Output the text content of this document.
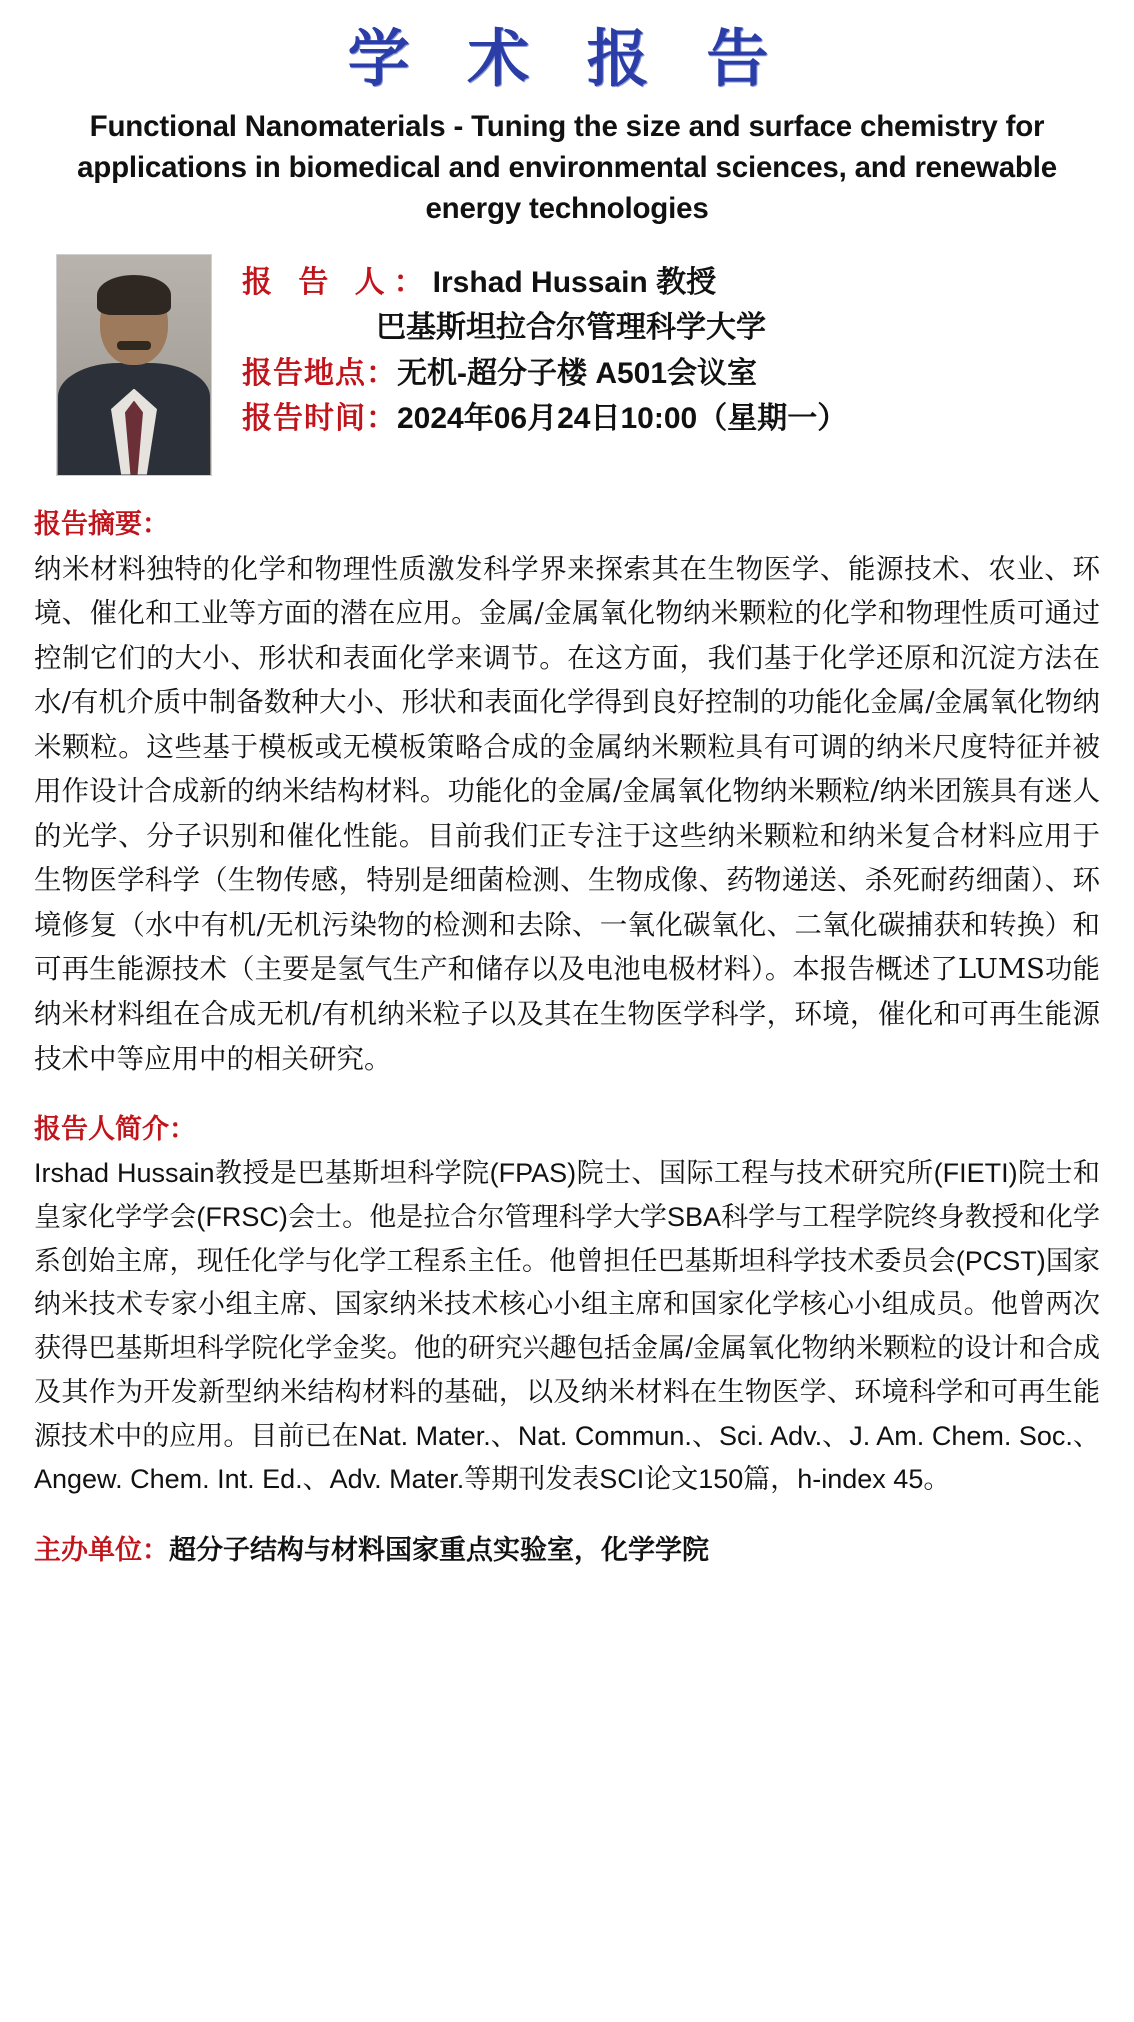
学 术 报 告
Functional Nanomaterials - Tuning the size and surface chemistry for applications in biomedical and environmental sciences, and renewable energy technologies
报 告 人：Irshad Hussain 教授
巴基斯坦拉合尔管理科学大学
报告地点：无机-超分子楼 A501会议室
报告时间：2024年06月24日10:00（星期一）
报告摘要：

纳米材料独特的化学和物理性质激发科学界来探索其在生物医学、能源技术、农业、环境、催化和工业等方面的潜在应用。金属/金属氧化物纳米颗粒的化学和物理性质可通过控制它们的大小、形状和表面化学来调节。在这方面，我们基于化学还原和沉淀方法在水/有机介质中制备数种大小、形状和表面化学得到良好控制的功能化金属/金属氧化物纳米颗粒。这些基于模板或无模板策略合成的金属纳米颗粒具有可调的纳米尺度特征并被用作设计合成新的纳米结构材料。功能化的金属/金属氧化物纳米颗粒/纳米团簇具有迷人的光学、分子识别和催化性能。目前我们正专注于这些纳米颗粒和纳米复合材料应用于生物医学科学（生物传感，特别是细菌检测、生物成像、药物递送、杀死耐药细菌）、环境修复（水中有机/无机污染物的检测和去除、一氧化碳氧化、二氧化碳捕获和转换）和可再生能源技术（主要是氢气生产和储存以及电池电极材料）。本报告概述了LUMS功能纳米材料组在合成无机/有机纳米粒子以及其在生物医学科学，环境，催化和可再生能源技术中等应用中的相关研究。

报告人简介：

Irshad Hussain教授是巴基斯坦科学院(FPAS)院士、国际工程与技术研究所(FIETI)院士和皇家化学学会(FRSC)会士。他是拉合尔管理科学大学SBA科学与工程学院终身教授和化学系创始主席，现任化学与化学工程系主任。他曾担任巴基斯坦科学技术委员会(PCST)国家纳米技术专家小组主席、国家纳米技术核心小组主席和国家化学核心小组成员。他曾两次获得巴基斯坦科学院化学金奖。他的研究兴趣包括金属/金属氧化物纳米颗粒的设计和合成及其作为开发新型纳米结构材料的基础，以及纳米材料在生物医学、环境科学和可再生能源技术中的应用。目前已在Nat. Mater.、Nat. Commun.、Sci. Adv.、J. Am. Chem. Soc.、Angew. Chem. Int. Ed.、Adv. Mater.等期刊发表SCI论文150篇，h-index 45。

主办单位：超分子结构与材料国家重点实验室，化学学院
